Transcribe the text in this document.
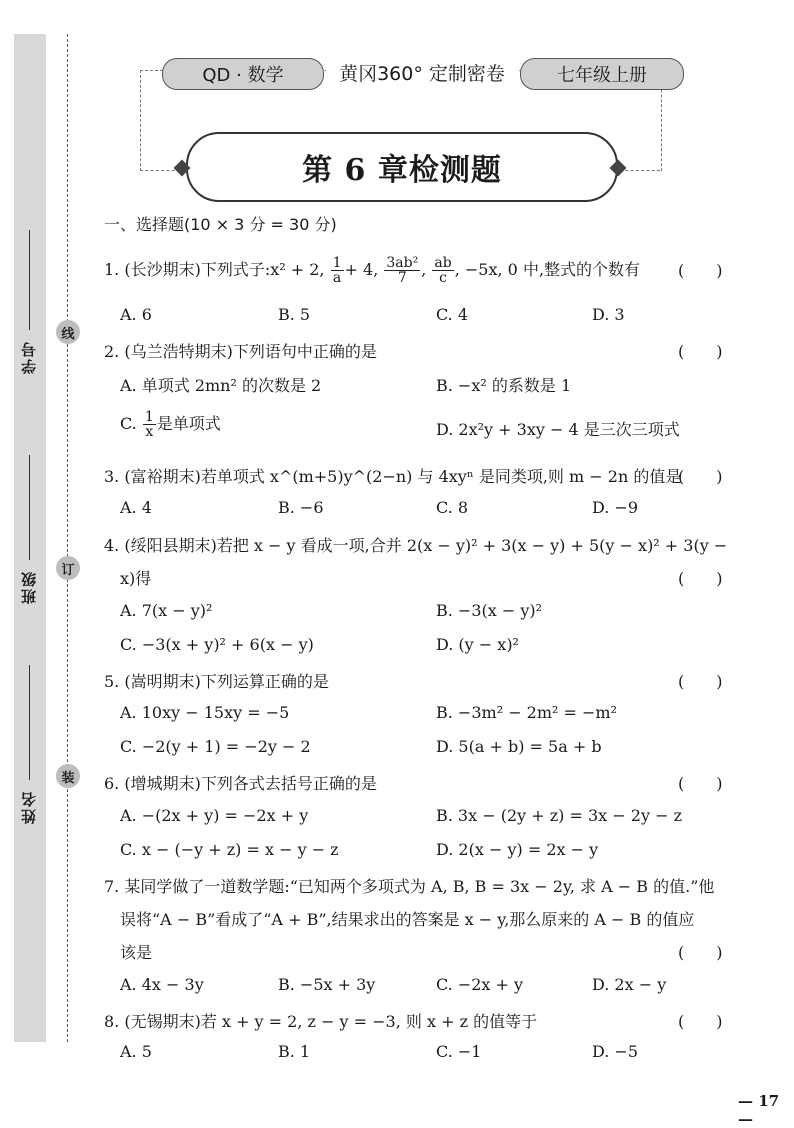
学号
班级
姓名
线
订
装
QD · 数学	黄冈360° 定制密卷	七年级上册
第 6 章检测题
一、选择题(10 × 3 分 = 30 分)
1. (长沙期末)下列式子:x² + 2, $\frac{1}{a} + 4$, $\frac{\text{3ab²}}{7}$ , $\frac{ab}{c}$ , −5x, 0 中,整式的个数有 (　　)
A. 6	B. 5	C. 4	D. 3
2. (乌兰浩特期末)下列语句中正确的是	(　　)
A. 单项式 2mn² 的次数是 2	B. −x² 的系数是 1
C. $\frac{1}{x}$ 是单项式	D. 2x²y + 3xy − 4 是三次三项式
3. (富裕期末)若单项式 x^(m+5)y^(2−n) 与 4xyⁿ 是同类项,则 m − 2n 的值是
(　　)
A. 4	B. −6	C. 8	D. −9
4. (绥阳县期末)若把 x − y 看成一项,合并 2(x − y)² + 3(x − y) + 5(y − x)² + 3(y −
x)得	(　　)
A. 7(x − y)²	B. −3(x − y)²
C. −3(x + y)² + 6(x − y)	D. (y − x)²
5. (嵩明期末)下列运算正确的是	(　　)
A. 10xy − 15xy = −5	B. −3m² − 2m² = −m²
C. −2(y + 1) = −2y − 2	D. 5(a + b) = 5a + b
6. (增城期末)下列各式去括号正确的是	(　　)
A. −(2x + y) = −2x + y	B. 3x − (2y + z) = 3x − 2y − z
C. x − (−y + z) = x − y − z	D. 2(x − y) = 2x − y
7. 某同学做了一道数学题:“已知两个多项式为 A, B, B = 3x − 2y, 求 A − B 的值.”他
误将“A − B”看成了“A + B”,结果求出的答案是 x − y,那么原来的 A − B 的值应
该是	(　　)
A. 4x − 3y	B. −5x + 3y	C. −2x + y	D. 2x − y
8. (无锡期末)若 x + y = 2, z − y = −3, 则 x + z 的值等于	(　　)
A. 5	B. 1	C. −1	D. −5
— 17 —
